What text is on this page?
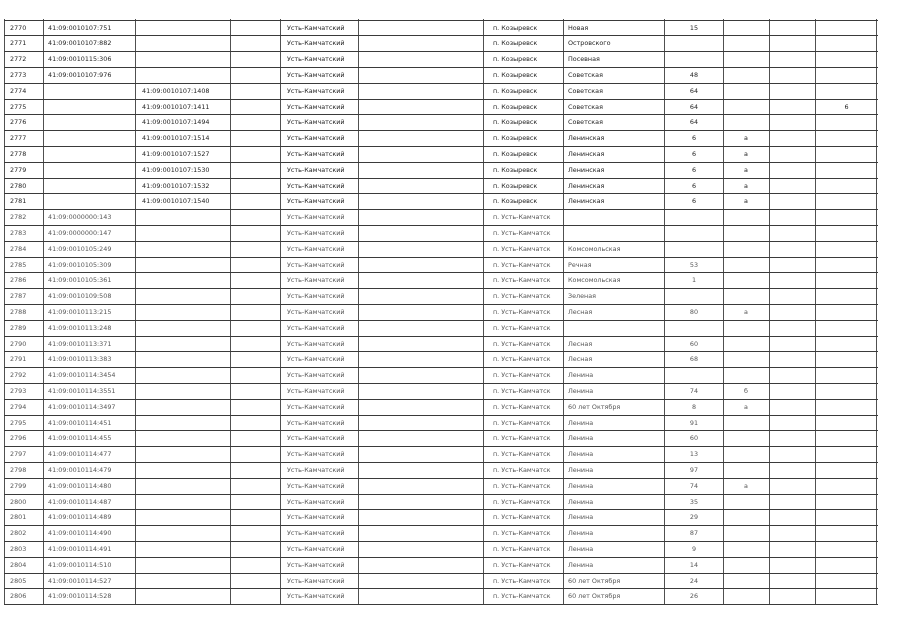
2770	41:09:0010107:751	Усть-Камчатский	п. Козыревск	Новая	15
2771	41:09:0010107:882	Усть-Камчатский	п. Козыревск	Островского
2772	41:09:0010115:306	Усть-Камчатский	п. Козыревск	Посевная
2773	41:09:0010107:976	Усть-Камчатский	п. Козыревск	Советская	48
2774	41:09:0010107:1408	Усть-Камчатский	п. Козыревск	Советская	64
2775	41:09:0010107:1411	Усть-Камчатский	п. Козыревск	Советская	64	6
2776	41:09:0010107:1494	Усть-Камчатский	п. Козыревск	Советская	64
2777	41:09:0010107:1514	Усть-Камчатский	п. Козыревск	Ленинская	6	а
2778	41:09:0010107:1527	Усть-Камчатский	п. Козыревск	Ленинская	6	а
2779	41:09:0010107:1530	Усть-Камчатский	п. Козыревск	Ленинская	6	а
2780	41:09:0010107:1532	Усть-Камчатский	п. Козыревск	Ленинская	6	а
2781	41:09:0010107:1540	Усть-Камчатский	п. Козыревск	Ленинская	6	а
2782	41:09:0000000:143	Усть-Камчатский	п. Усть-Камчатск
2783	41:09:0000000:147	Усть-Камчатский	п. Усть-Камчатск
2784	41:09:0010105:249	Усть-Камчатский	п. Усть-Камчатск	Комсомольская
2785	41:09:0010105:309	Усть-Камчатский	п. Усть-Камчатск	Речная	53
2786	41:09:0010105:361	Усть-Камчатский	п. Усть-Камчатск	Комсомольская	1
2787	41:09:0010109:508	Усть-Камчатский	п. Усть-Камчатск	Зеленая
2788	41:09:0010113:215	Усть-Камчатский	п. Усть-Камчатск	Лесная	80	а
2789	41:09:0010113:248	Усть-Камчатский	п. Усть-Камчатск
2790	41:09:0010113:371	Усть-Камчатский	п. Усть-Камчатск	Лесная	60
2791	41:09:0010113:383	Усть-Камчатский	п. Усть-Камчатск	Лесная	68
2792	41:09:0010114:3454	Усть-Камчатский	п. Усть-Камчатск	Ленина
2793	41:09:0010114:3551	Усть-Камчатский	п. Усть-Камчатск	Ленина	74	б
2794	41:09:0010114:3497	Усть-Камчатский	п. Усть-Камчатск	60 лет Октября	8	а
2795	41:09:0010114:451	Усть-Камчатский	п. Усть-Камчатск	Ленина	91
2796	41:09:0010114:455	Усть-Камчатский	п. Усть-Камчатск	Ленина	60
2797	41:09:0010114:477	Усть-Камчатский	п. Усть-Камчатск	Ленина	13
2798	41:09:0010114:479	Усть-Камчатский	п. Усть-Камчатск	Ленина	97
2799	41:09:0010114:480	Усть-Камчатский	п. Усть-Камчатск	Ленина	74	а
2800	41:09:0010114:487	Усть-Камчатский	п. Усть-Камчатск	Ленина	35
2801	41:09:0010114:489	Усть-Камчатский	п. Усть-Камчатск	Ленина	29
2802	41:09:0010114:490	Усть-Камчатский	п. Усть-Камчатск	Ленина	87
2803	41:09:0010114:491	Усть-Камчатский	п. Усть-Камчатск	Ленина	9
2804	41:09:0010114:510	Усть-Камчатский	п. Усть-Камчатск	Ленина	14
2805	41:09:0010114:527	Усть-Камчатский	п. Усть-Камчатск	60 лет Октября	24
2806	41:09:0010114:528	Усть-Камчатский	п. Усть-Камчатск	60 лет Октября	26
